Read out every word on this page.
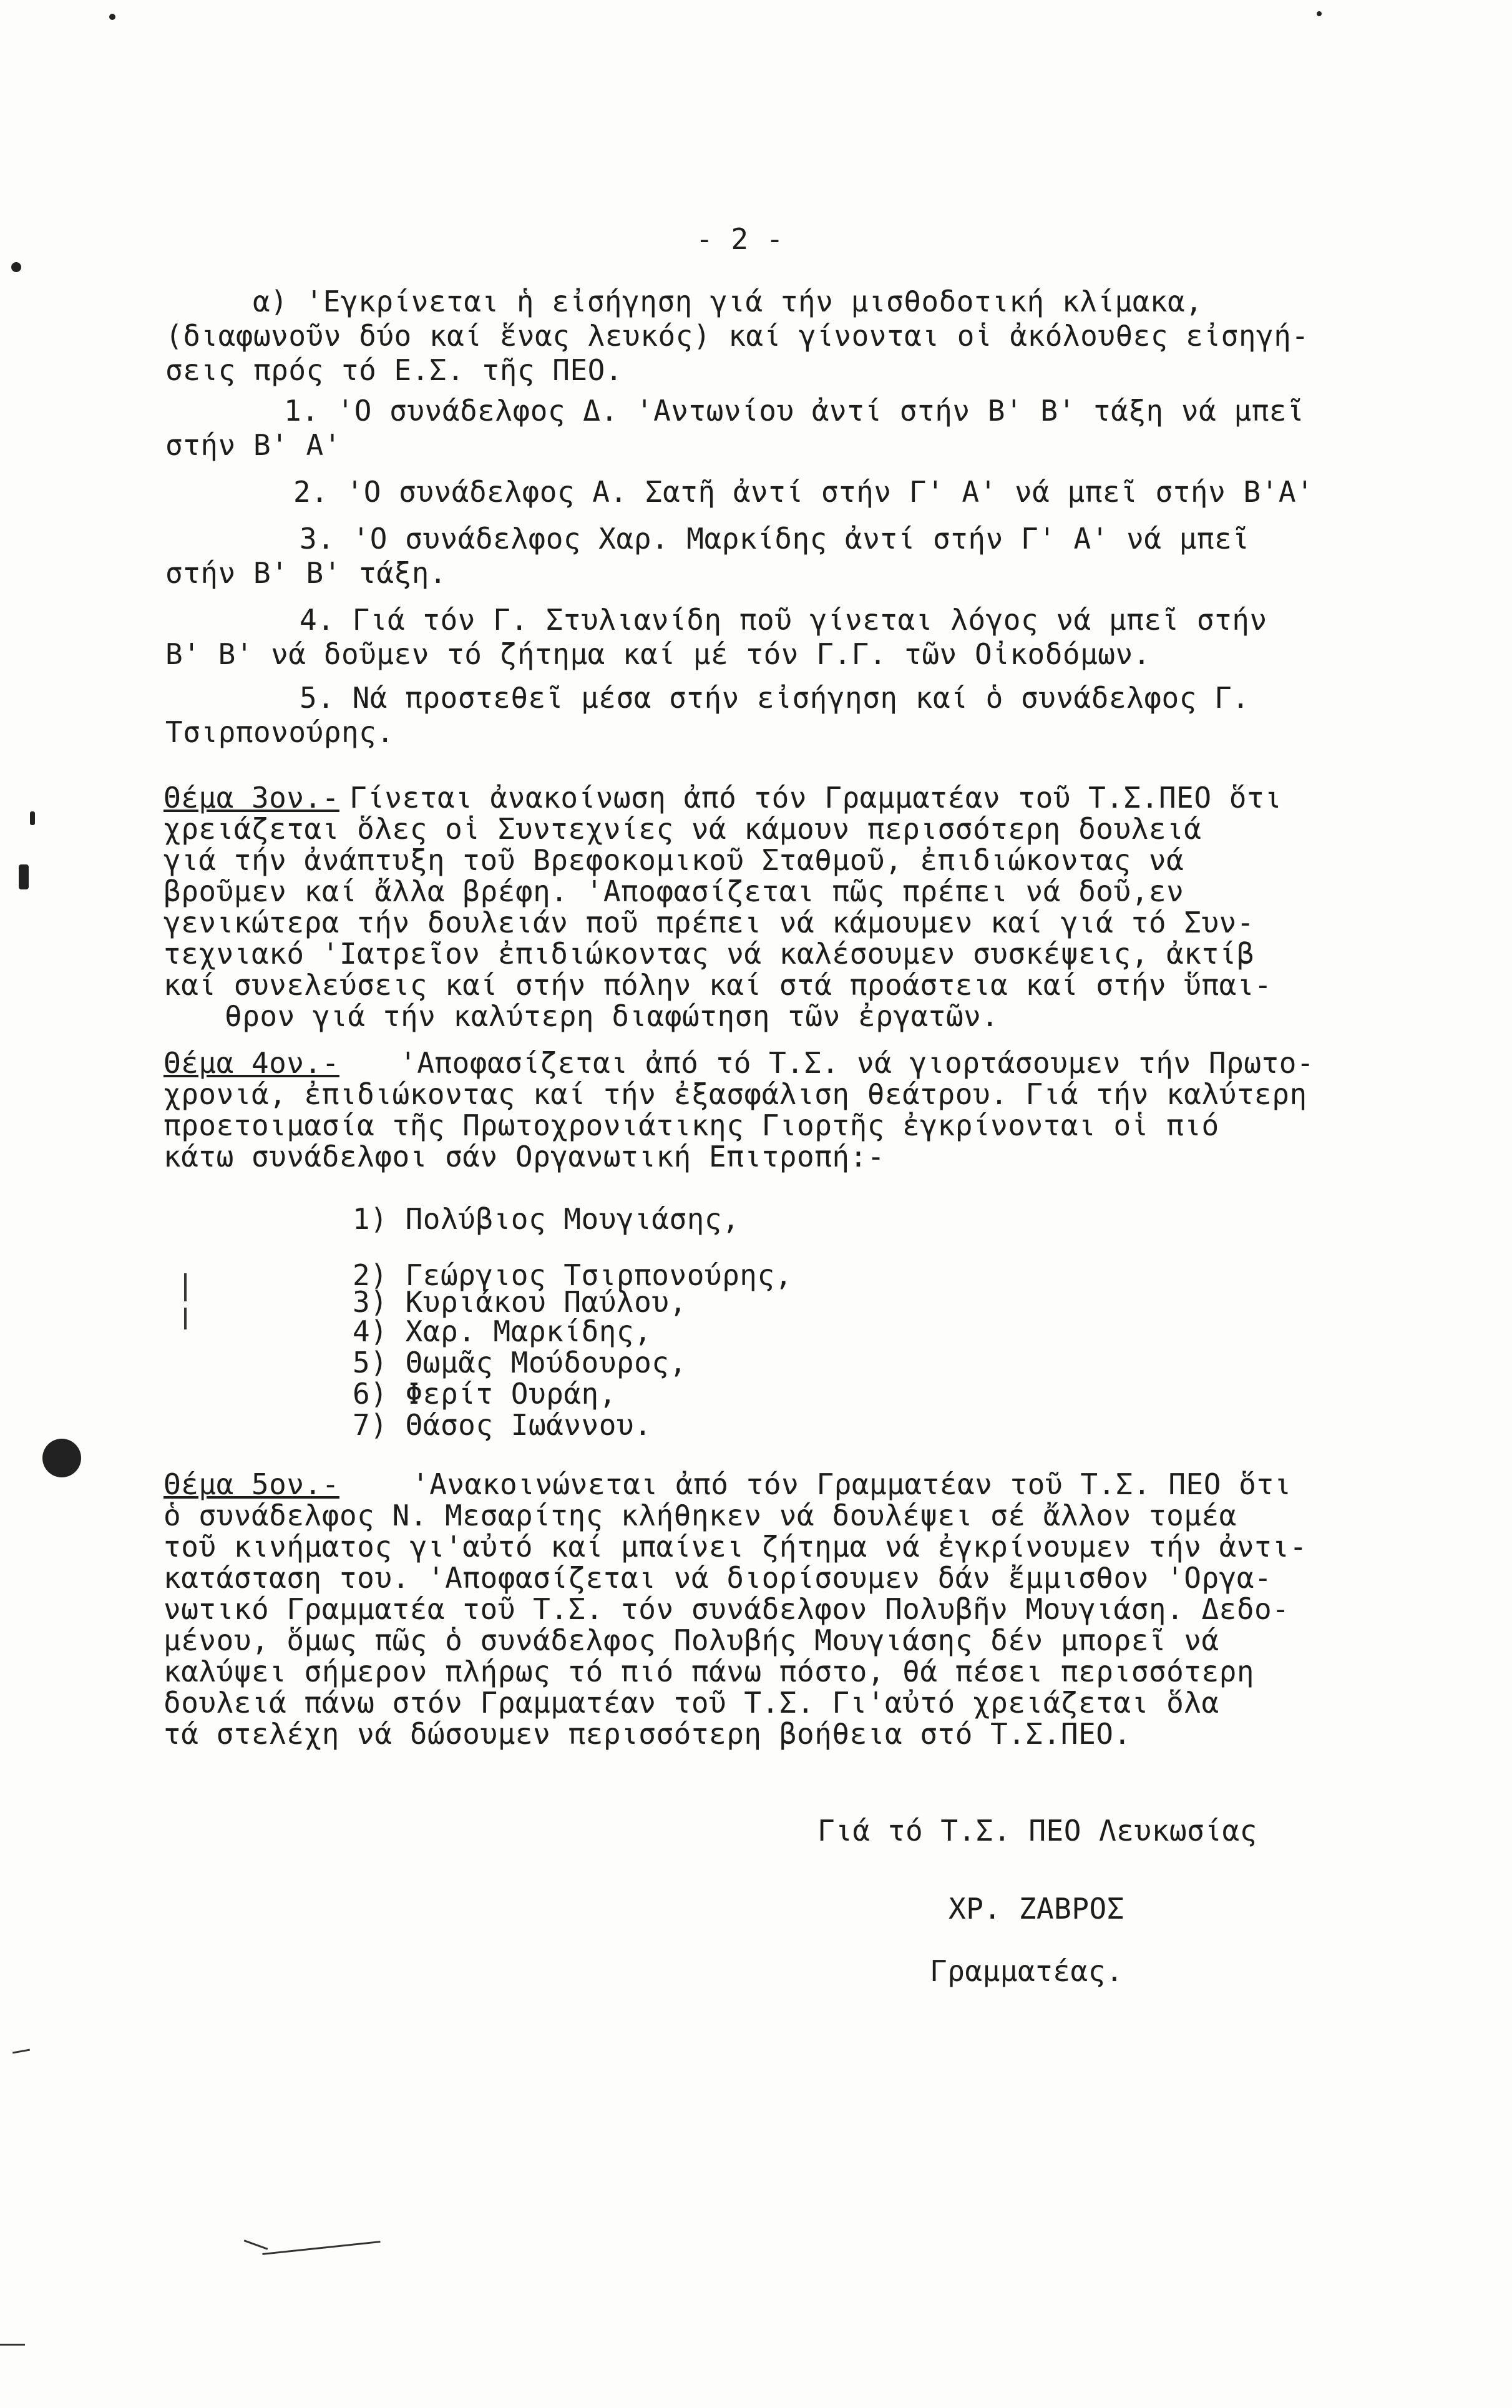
- 2 -
α) 'Εγκρίνεται ἡ εἰσήγηση γιά τήν μισθοδοτική κλίμακα,
(διαφωνοῦν δύο καί ἕνας λευκός) καί γίνονται οἱ ἀκόλουθες εἰσηγή-
σεις πρός τό Ε.Σ. τῆς ΠΕΟ.
1. 'Ο συνάδελφος Δ. 'Αντωνίου ἀντί στήν Β' Β' τάξη νά μπεῖ
στήν Β' Α'
2. 'Ο συνάδελφος Α. Σατῆ ἀντί στήν Γ' Α' νά μπεῖ στήν Β'Α'
3. 'Ο συνάδελφος Χαρ. Μαρκίδης ἀντί στήν Γ' Α' νά μπεῖ
στήν Β' Β' τάξη.
4. Γιά τόν Γ. Στυλιανίδη ποῦ γίνεται λόγος νά μπεῖ στήν
Β' Β' νά δοῦμεν τό ζήτημα καί μέ τόν Γ.Γ. τῶν Οἰκοδόμων.
5. Νά προστεθεῖ μέσα στήν εἰσήγηση καί ὁ συνάδελφος Γ.
Τσιρπονούρης.
Θέμα 3ον.- Γίνεται ἀνακοίνωση ἀπό τόν Γραμματέαν τοῦ Τ.Σ.ΠΕΟ ὅτι
χρειάζεται ὅλες οἱ Συντεχνίες νά κάμουν περισσότερη δουλειά
γιά τήν ἀνάπτυξη τοῦ Βρεφοκομικοῦ Σταθμοῦ, ἐπιδιώκοντας νά
βροῦμεν καί ἄλλα βρέφη. 'Αποφασίζεται πῶς πρέπει νά δοῦ,εν
γενικώτερα τήν δουλειάν ποῦ πρέπει νά κάμουμεν καί γιά τό Συν-
τεχνιακό 'Ιατρεῖον ἐπιδιώκοντας νά καλέσουμεν συσκέψεις, ἀκτίβ
καί συνελεύσεις καί στήν πόλην καί στά προάστεια καί στήν ὕπαι-
θρον γιά τήν καλύτερη διαφώτηση τῶν ἐργατῶν.
Θέμα 4ον.- 'Αποφασίζεται ἀπό τό Τ.Σ. νά γιορτάσουμεν τήν Πρωτο-
χρονιά, ἐπιδιώκοντας καί τήν ἐξασφάλιση θεάτρου. Γιά τήν καλύτερη
προετοιμασία τῆς Πρωτοχρονιάτικης Γιορτῆς ἐγκρίνονται οἱ πιό
κάτω συνάδελφοι σάν Οργανωτική Επιτροπή:-
1) Πολύβιος Μουγιάσης,
2) Γεώργιος Τσιρπονούρης,
3) Κυριάκου Παύλου,
4) Χαρ. Μαρκίδης,
5) Θωμᾶς Μούδουρος,
6) Φερίτ Ουράη,
7) Θάσος Ιωάννου.
Θέμα 5ον.-	'Ανακοινώνεται ἀπό τόν Γραμματέαν τοῦ Τ.Σ. ΠΕΟ ὅτι
ὁ συνάδελφος Ν. Μεσαρίτης κλήθηκεν νά δουλέψει σέ ἄλλον τομέα
τοῦ κινήματος γι'αὐτό καί μπαίνει ζήτημα νά ἐγκρίνουμεν τήν ἀντι-
κατάσταση του. 'Αποφασίζεται νά διορίσουμεν δάν ἔμμισθον 'Οργα-
νωτικό Γραμματέα τοῦ Τ.Σ. τόν συνάδελφον Πολυβῆν Μουγιάση. Δεδο-
μένου, ὅμως πῶς ὁ συνάδελφος Πολυβής Μουγιάσης δέν μπορεῖ νά
καλύψει σήμερον πλήρως τό πιό πάνω πόστο, θά πέσει περισσότερη
δουλειά πάνω στόν Γραμματέαν τοῦ Τ.Σ. Γι'αὐτό χρειάζεται ὅλα
τά στελέχη νά δώσουμεν περισσότερη βοήθεια στό Τ.Σ.ΠΕΟ.
Γιά τό Τ.Σ. ΠΕΟ Λευκωσίας
ΧΡ. ΖΑΒΡΟΣ
Γραμματέας.
